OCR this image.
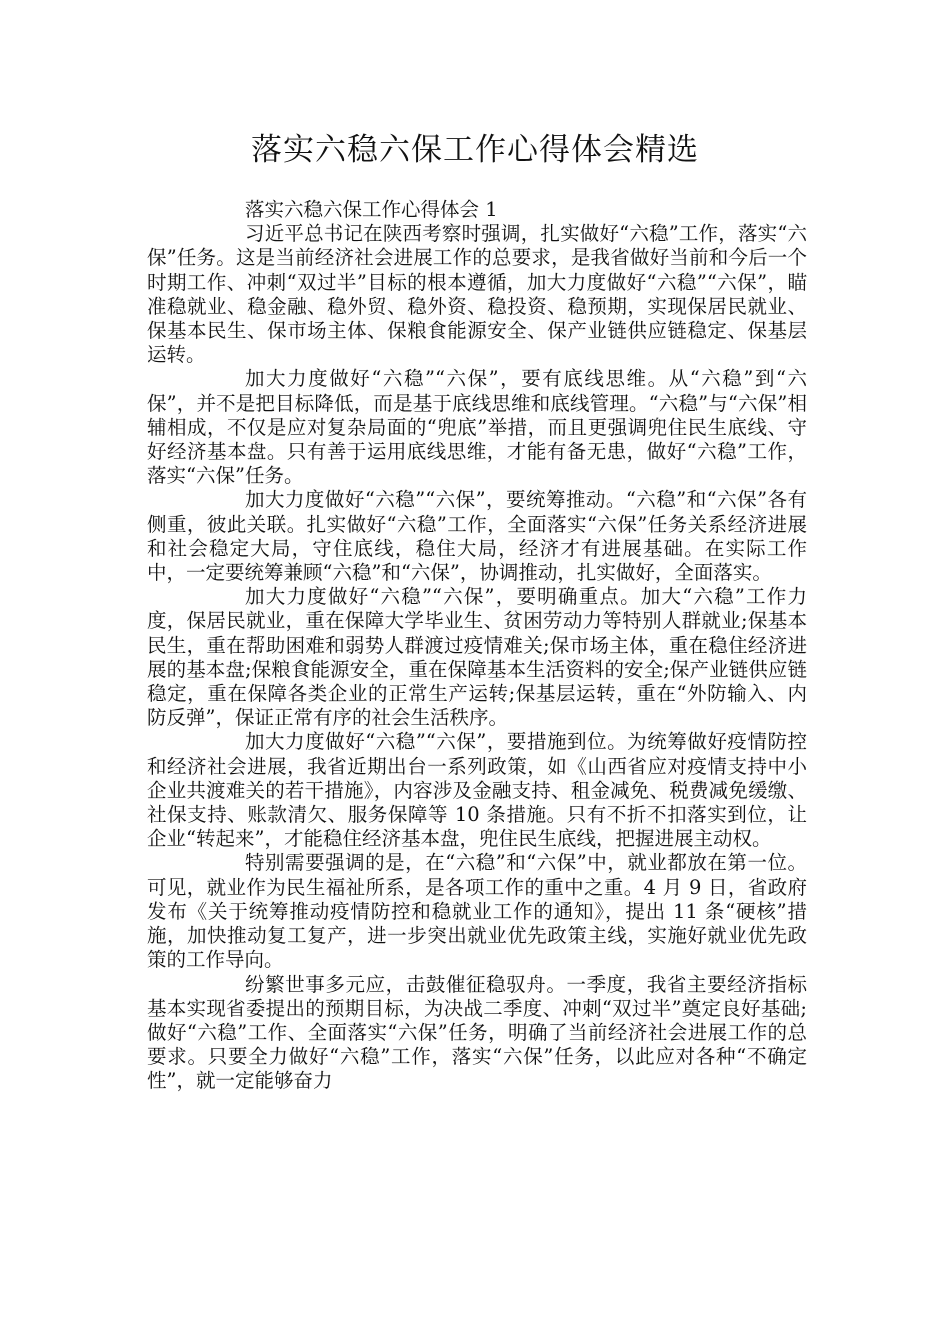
落实六稳六保工作心得体会精选

落实六稳六保工作心得体会 1

习近平总书记在陕西考察时强调，扎实做好“六稳”工作，落实“六保”任务。这是当前经济社会进展工作的总要求，是我省做好当前和今后一个时期工作、冲刺“双过半”目标的根本遵循，加大力度做好“六稳”“六保”，瞄准稳就业、稳金融、稳外贸、稳外资、稳投资、稳预期，实现保居民就业、保基本民生、保市场主体、保粮食能源安全、保产业链供应链稳定、保基层运转。

加大力度做好“六稳”“六保”，要有底线思维。从“六稳”到“六保”，并不是把目标降低，而是基于底线思维和底线管理。“六稳”与“六保”相辅相成，不仅是应对复杂局面的“兜底”举措，而且更强调兜住民生底线、守好经济基本盘。只有善于运用底线思维，才能有备无患，做好“六稳”工作，落实“六保”任务。

加大力度做好“六稳”“六保”，要统筹推动。“六稳”和“六保”各有侧重，彼此关联。扎实做好“六稳”工作，全面落实“六保”任务关系经济进展和社会稳定大局，守住底线，稳住大局，经济才有进展基础。在实际工作中，一定要统筹兼顾“六稳”和“六保”，协调推动，扎实做好，全面落实。

加大力度做好“六稳”“六保”，要明确重点。加大“六稳”工作力度，保居民就业，重在保障大学毕业生、贫困劳动力等特别人群就业;保基本民生，重在帮助困难和弱势人群渡过疫情难关;保市场主体，重在稳住经济进展的基本盘;保粮食能源安全，重在保障基本生活资料的安全;保产业链供应链稳定，重在保障各类企业的正常生产运转;保基层运转，重在“外防输入、内防反弹”，保证正常有序的社会生活秩序。

加大力度做好“六稳”“六保”，要措施到位。为统筹做好疫情防控和经济社会进展，我省近期出台一系列政策，如《山西省应对疫情支持中小企业共渡难关的若干措施》，内容涉及金融支持、租金减免、税费减免缓缴、社保支持、账款清欠、服务保障等 10 条措施。只有不折不扣落实到位，让企业“转起来”，才能稳住经济基本盘，兜住民生底线，把握进展主动权。

特别需要强调的是，在“六稳”和“六保”中，就业都放在第一位。可见，就业作为民生福祉所系，是各项工作的重中之重。4 月 9 日，省政府发布《关于统筹推动疫情防控和稳就业工作的通知》，提出 11 条“硬核”措施，加快推动复工复产，进一步突出就业优先政策主线，实施好就业优先政策的工作导向。

纷繁世事多元应，击鼓催征稳驭舟。一季度，我省主要经济指标基本实现省委提出的预期目标，为决战二季度、冲刺“双过半”奠定良好基础;做好“六稳”工作、全面落实“六保”任务，明确了当前经济社会进展工作的总要求。只要全力做好“六稳”工作，落实“六保”任务，以此应对各种“不确定性”，就一定能够奋力
